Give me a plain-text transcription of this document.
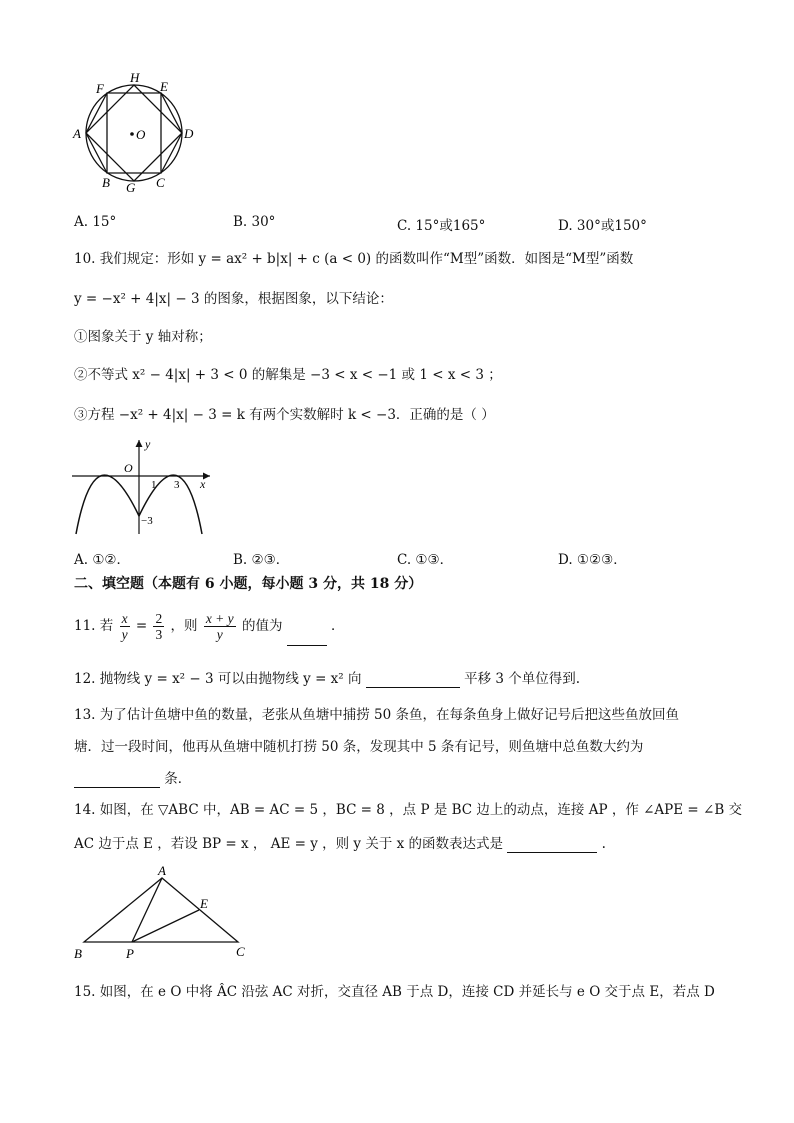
H
E
F
A	O	D
B G C
A. 15°	B. 30°	C. 15°或165°	D. 30°或150°
10. 我们规定：形如 y = ax² + b|x| + c (a < 0) 的函数叫作“M型”函数．如图是“M型”函数
y = −x² + 4|x| − 3 的图象，根据图象，以下结论：
①图象关于 y 轴对称；
②不等式 x² − 4|x| + 3 < 0 的解集是 −3 < x < −1 或 1 < x < 3 ；
③方程 −x² + 4|x| − 3 = k 有两个实数解时 k < −3．正确的是（ ）
y
O
1 3 x
−3
A. ①②．	B. ②③．	C. ①③．	D. ①②③．
二、填空题（本题有 6 小题，每小题 3 分，共 18 分）
11. 若 $\frac{x}{y} = \frac{2}{3}$ ，则 $\frac{x + y}{y}$ 的值为	．
12. 抛物线 y = x² − 3 可以由抛物线 y = x² 向	平移 3 个单位得到.
13. 为了估计鱼塘中鱼的数量，老张从鱼塘中捕捞 50 条鱼，在每条鱼身上做好记号后把这些鱼放回鱼
塘．过一段时间，他再从鱼塘中随机打捞 50 条，发现其中 5 条有记号，则鱼塘中总鱼数大约为
条．
14. 如图，在 ▽ABC 中，AB = AC = 5 ，BC = 8 ，点 P 是 BC 边上的动点，连接 AP ，作 ∠APE = ∠B 交
AC 边于点 E ，若设 BP = x ， AE = y ，则 y 关于 x 的函数表达式是	.
A
E
B	P	C
15. 如图，在 e O 中将 ÂC 沿弦 AC 对折，交直径 AB 于点 D，连接 CD 并延长与 e O 交于点 E，若点 D
